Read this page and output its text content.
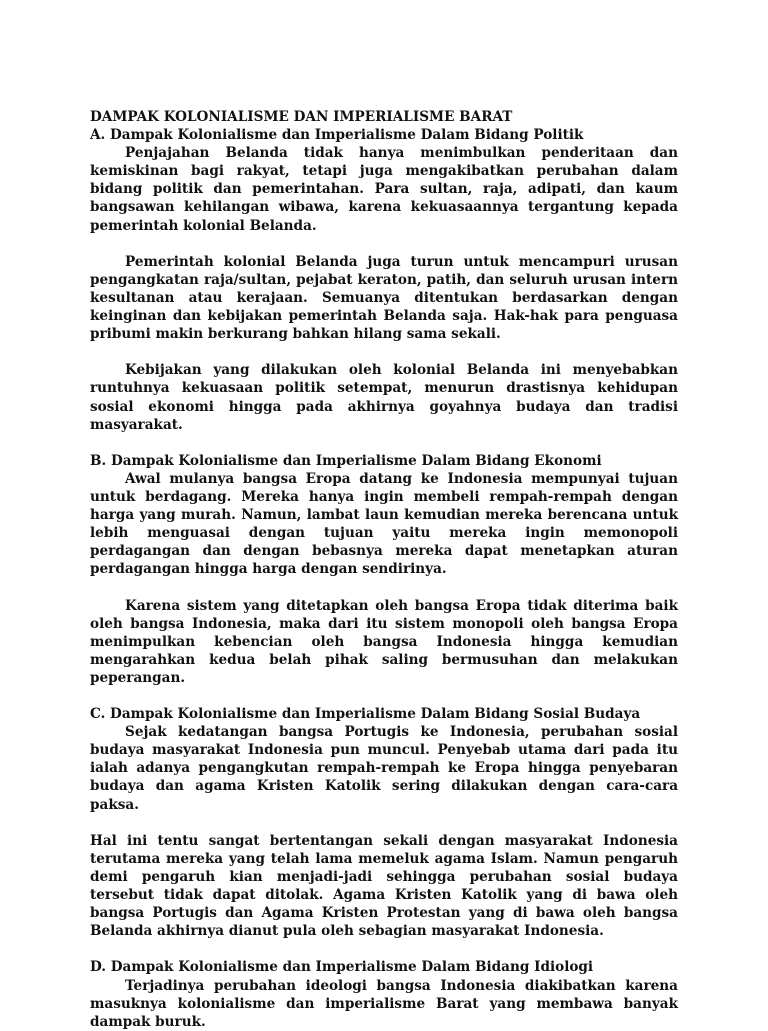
DAMPAK KOLONIALISME DAN IMPERIALISME BARAT
A. Dampak Kolonialisme dan Imperialisme Dalam Bidang Politik

Penjajahan Belanda tidak hanya menimbulkan penderitaan dan kemiskinan bagi rakyat, tetapi juga mengakibatkan perubahan dalam bidang politik dan pemerintahan. Para sultan, raja, adipati, dan kaum bangsawan kehilangan wibawa, karena kekuasaannya tergantung kepada pemerintah kolonial Belanda.

Pemerintah kolonial Belanda juga turun untuk mencampuri urusan pengangkatan raja/sultan, pejabat keraton, patih, dan seluruh urusan intern kesultanan atau kerajaan. Semuanya ditentukan berdasarkan dengan keinginan dan kebijakan pemerintah Belanda saja. Hak-hak para penguasa pribumi makin berkurang bahkan hilang sama sekali.

Kebijakan yang dilakukan oleh kolonial Belanda ini menyebabkan runtuhnya kekuasaan politik setempat, menurun drastisnya kehidupan sosial ekonomi hingga pada akhirnya goyahnya budaya dan tradisi masyarakat.

B. Dampak Kolonialisme dan Imperialisme Dalam Bidang Ekonomi

Awal mulanya bangsa Eropa datang ke Indonesia mempunyai tujuan untuk berdagang. Mereka hanya ingin membeli rempah-rempah dengan harga yang murah. Namun, lambat laun kemudian mereka berencana untuk lebih menguasai dengan tujuan yaitu mereka ingin memonopoli perdagangan dan dengan bebasnya mereka dapat menetapkan aturan perdagangan hingga harga dengan sendirinya.

Karena sistem yang ditetapkan oleh bangsa Eropa tidak diterima baik oleh bangsa Indonesia, maka dari itu sistem monopoli oleh bangsa Eropa menimpulkan kebencian oleh bangsa Indonesia hingga kemudian mengarahkan kedua belah pihak saling bermusuhan dan melakukan peperangan.

C. Dampak Kolonialisme dan Imperialisme Dalam Bidang Sosial Budaya

Sejak kedatangan bangsa Portugis ke Indonesia, perubahan sosial budaya masyarakat Indonesia pun muncul. Penyebab utama dari pada itu ialah adanya pengangkutan rempah-rempah ke Eropa hingga penyebaran budaya dan agama Kristen Katolik sering dilakukan dengan cara-cara paksa.

Hal ini tentu sangat bertentangan sekali dengan masyarakat Indonesia terutama mereka yang telah lama memeluk agama Islam. Namun pengaruh demi pengaruh kian menjadi-jadi sehingga perubahan sosial budaya tersebut tidak dapat ditolak. Agama Kristen Katolik yang di bawa oleh bangsa Portugis dan Agama Kristen Protestan yang di bawa oleh bangsa Belanda akhirnya dianut pula oleh sebagian masyarakat Indonesia.

D. Dampak Kolonialisme dan Imperialisme Dalam Bidang Idiologi

Terjadinya perubahan ideologi bangsa Indonesia diakibatkan karena masuknya kolonialisme dan imperialisme Barat yang membawa banyak dampak buruk.
